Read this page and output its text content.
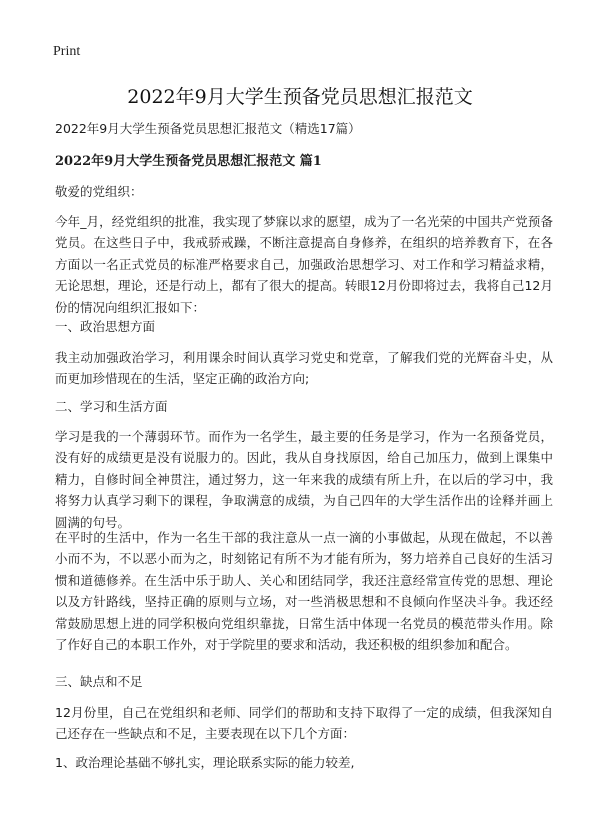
Print
2022年9月大学生预备党员思想汇报范文
2022年9月大学生预备党员思想汇报范文（精选17篇）
2022年9月大学生预备党员思想汇报范文 篇1
敬爱的党组织：
今年_月，经党组织的批准，我实现了梦寐以求的愿望，成为了一名光荣的中国共产党预备党员。在这些日子中，我戒骄戒躁，不断注意提高自身修养，在组织的培养教育下，在各方面以一名正式党员的标准严格要求自己，加强政治思想学习、对工作和学习精益求精，无论思想，理论，还是行动上，都有了很大的提高。转眼12月份即将过去，我将自己12月份的情况向组织汇报如下：
一、政治思想方面
我主动加强政治学习，利用课余时间认真学习党史和党章，了解我们党的光辉奋斗史，从而更加珍惜现在的生活，坚定正确的政治方向;
二、学习和生活方面
学习是我的一个薄弱环节。而作为一名学生，最主要的任务是学习，作为一名预备党员，没有好的成绩更是没有说服力的。因此，我从自身找原因，给自己加压力，做到上课集中精力，自修时间全神贯注，通过努力，这一年来我的成绩有所上升，在以后的学习中，我将努力认真学习剩下的课程，争取满意的成绩，为自己四年的大学生活作出的诠释并画上圆满的句号。
在平时的生活中，作为一名生干部的我注意从一点一滴的小事做起，从现在做起，不以善小而不为，不以恶小而为之，时刻铭记有所不为才能有所为，努力培养自己良好的生活习惯和道德修养。在生活中乐于助人、关心和团结同学，我还注意经常宣传党的思想、理论以及方针路线，坚持正确的原则与立场，对一些消极思想和不良倾向作坚决斗争。我还经常鼓励思想上进的同学积极向党组织靠拢，日常生活中体现一名党员的模范带头作用。除了作好自己的本职工作外，对于学院里的要求和活动，我还积极的组织参加和配合。
三、缺点和不足
12月份里，自己在党组织和老师、同学们的帮助和支持下取得了一定的成绩，但我深知自己还存在一些缺点和不足，主要表现在以下几个方面：
1、政治理论基础不够扎实，理论联系实际的能力较差,
